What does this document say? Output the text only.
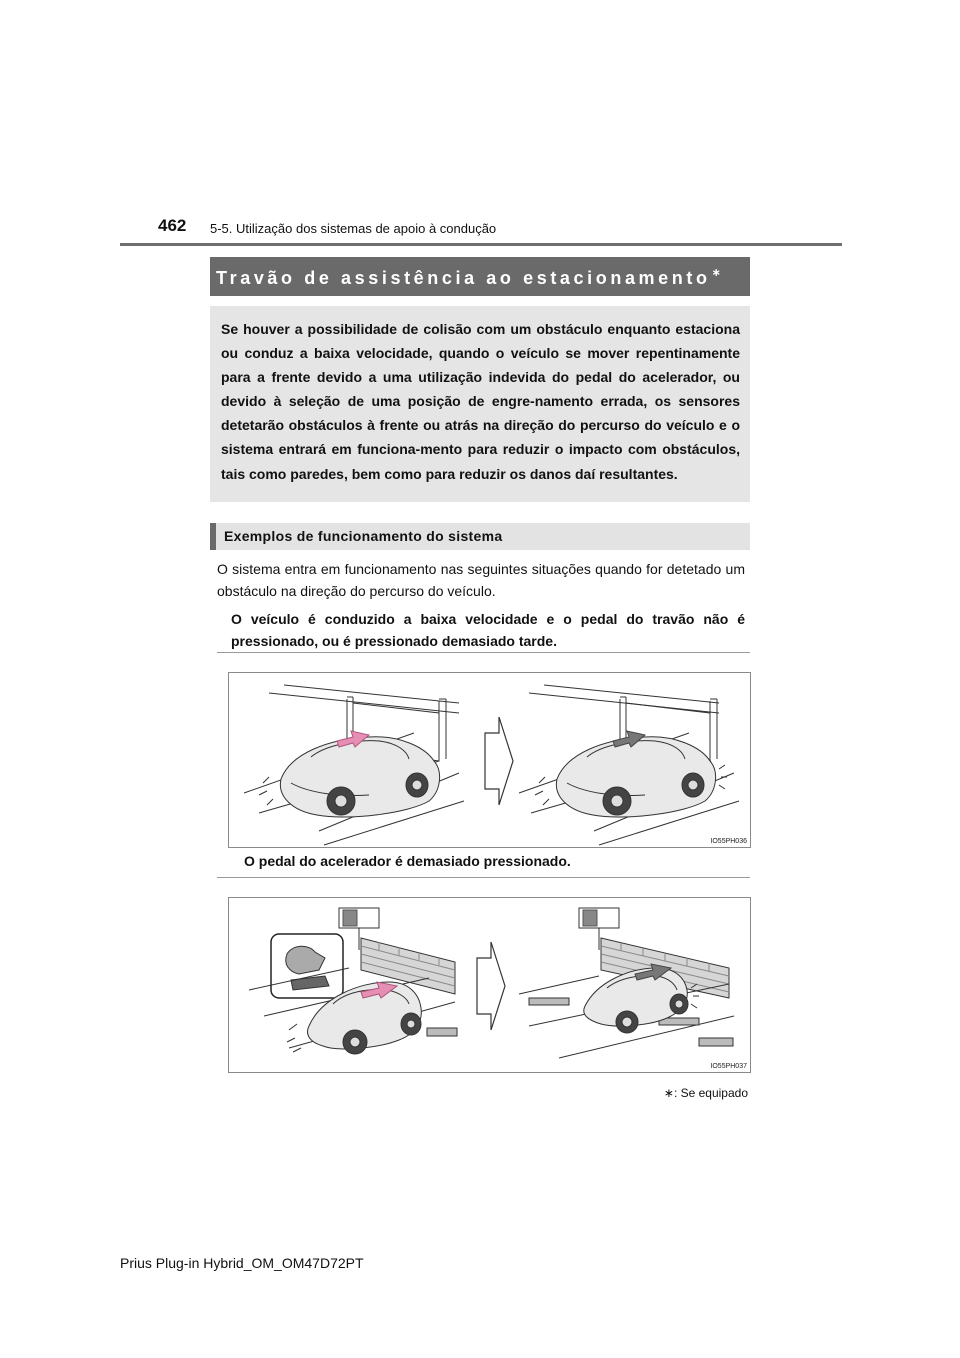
462 5-5. Utilização dos sistemas de apoio à condução
Travão de assistência ao estacionamento∗
Se houver a possibilidade de colisão com um obstáculo enquanto estaciona ou conduz a baixa velocidade, quando o veículo se mover repentinamente para a frente devido a uma utilização indevida do pedal do acelerador, ou devido à seleção de uma posição de engre-namento errada, os sensores detetarão obstáculos à frente ou atrás na direção do percurso do veículo e o sistema entrará em funciona-mento para reduzir o impacto com obstáculos, tais como paredes, bem como para reduzir os danos daí resultantes.
Exemplos de funcionamento do sistema
O sistema entra em funcionamento nas seguintes situações quando for detetado um obstáculo na direção do percurso do veículo.
O veículo é conduzido a baixa velocidade e o pedal do travão não é pressionado, ou é pressionado demasiado tarde.
IO55PH036
O pedal do acelerador é demasiado pressionado.
IO55PH037
∗: Se equipado
Prius Plug-in Hybrid_OM_OM47D72PT
